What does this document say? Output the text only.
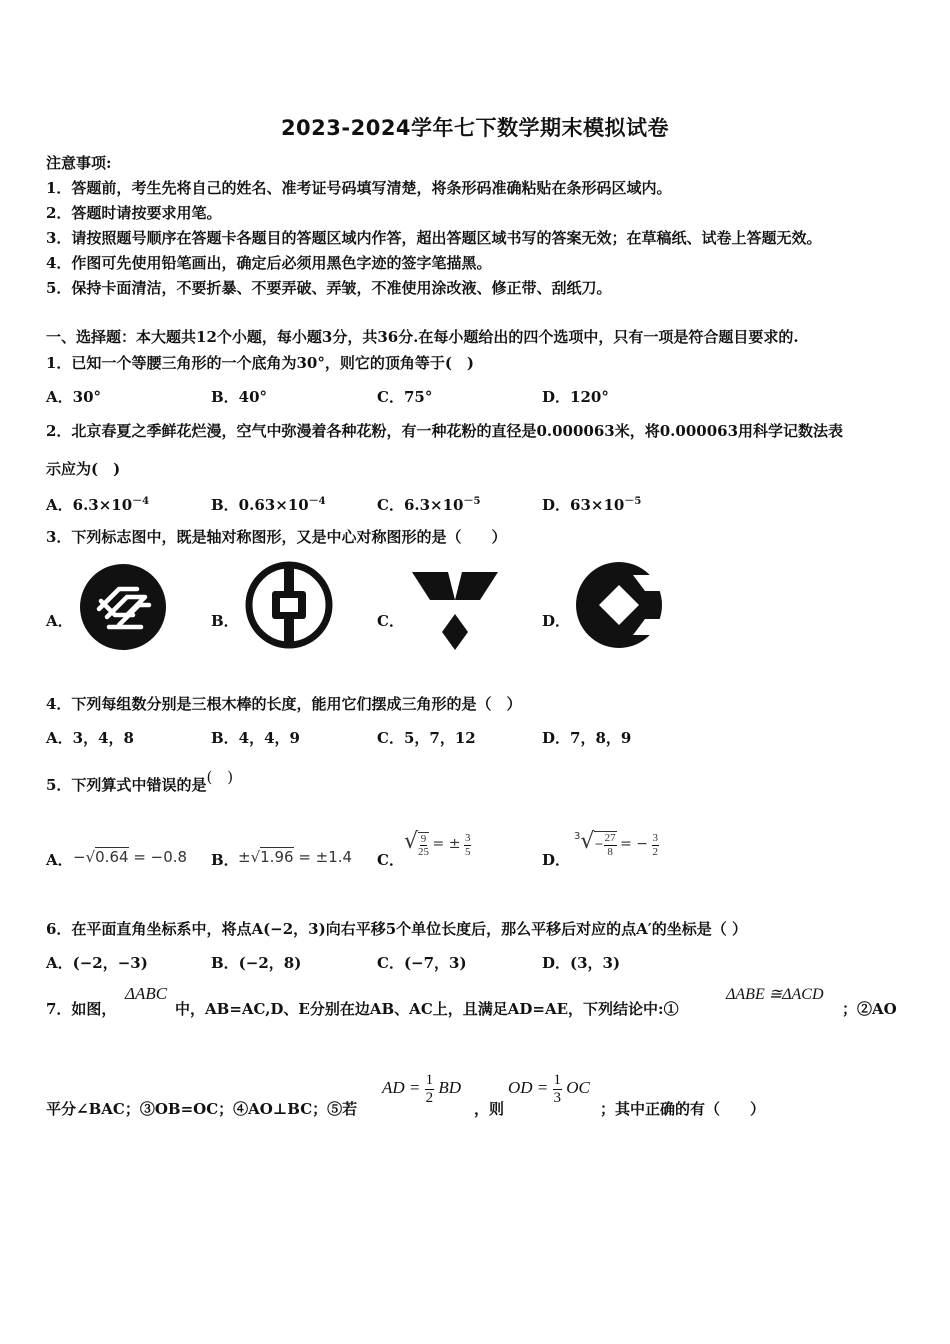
2023-2024学年七下数学期末模拟试卷
注意事项:
1．答题前，考生先将自己的姓名、准考证号码填写清楚，将条形码准确粘贴在条形码区域内。
2．答题时请按要求用笔。
3．请按照题号顺序在答题卡各题目的答题区域内作答，超出答题区域书写的答案无效；在草稿纸、试卷上答题无效。
4．作图可先使用铅笔画出，确定后必须用黑色字迹的签字笔描黑。
5．保持卡面清洁，不要折暴、不要弄破、弄皱，不准使用涂改液、修正带、刮纸刀。
一、选择题：本大题共12个小题，每小题3分，共36分.在每小题给出的四个选项中，只有一项是符合题目要求的.
1．已知一个等腰三角形的一个底角为30°，则它的顶角等于(　)
A．30°	B．40°	C．75°	D．120°
2．北京春夏之季鲜花烂漫，空气中弥漫着各种花粉，有一种花粉的直径是0.000063米，将0.000063用科学记数法表
示应为(　)
A．$6.3\times 10^{-4}$	B．$0.63\times 10^{-4}$	C．$6.3\times 10^{-5}$	D．$63\times 10^{-5}$
3．下列标志图中，既是轴对称图形，又是中心对称图形的是（　　）
A．	B．	C．	D．
4．下列每组数分别是三根木棒的长度，能用它们摆成三角形的是（　）
A．3，4，8	B．4，4，9	C．5，7，12	D．7，8，9
5．下列算式中错误的是(　)
A． −√0.64 = −0.8 B． ±√1.96 = ±1.4 C．
√ $\frac{9}{25}$ = ± $\frac{3}{5}$
D．
$^3√- \frac{27}{8}$ = − $\frac{3}{2}$
6．在平面直角坐标系中，将点A(−2，3)向右平移5个单位长度后，那么平移后对应的点A′的坐标是（ ）
A．(−2，−3)	B．(−2，8)	C．(−7，3)	D．(3，3)
7．如图，
ΔABC
中，AB=AC,D、E分别在边AB、AC上，且满足AD=AE，下列结论中:①
ΔABE ≅ΔACD
；②AO
平分∠BAC；③OB=OC；④AO⊥BC；⑤若
AD = $\frac{1}{2}$ BD
，则
OD = $\frac{1}{3}$ OC
；其中正确的有（　　）
